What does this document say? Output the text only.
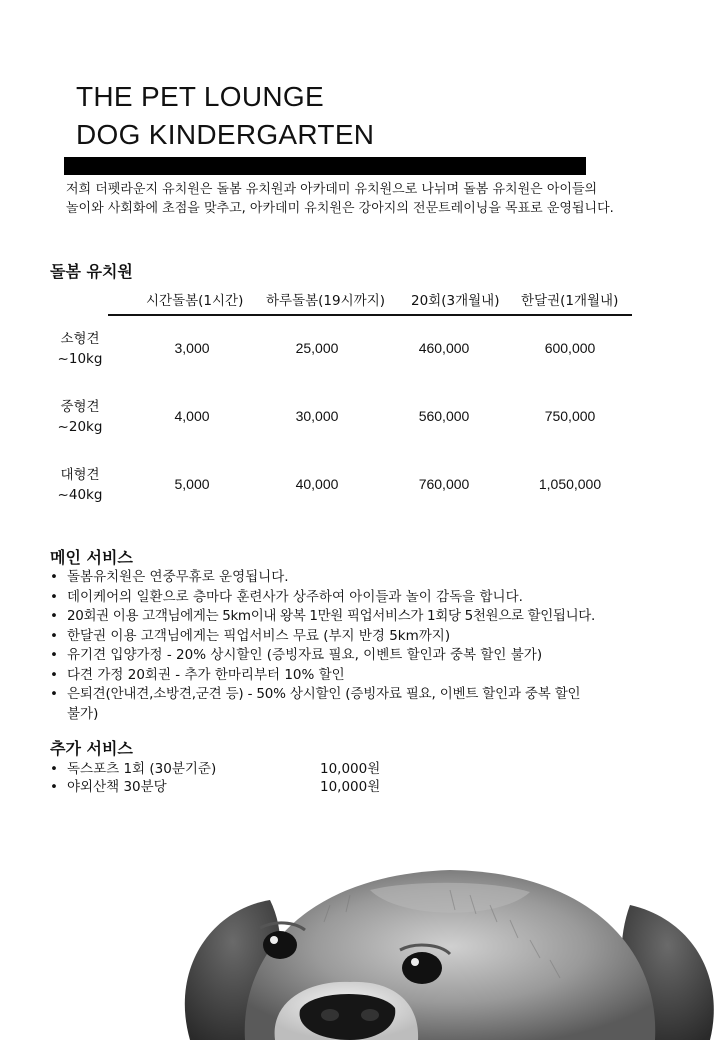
THE PET LOUNGE
DOG KINDERGARTEN
저희 더펫라운지 유치원은 돌봄 유치원과 아카데미 유치원으로 나뉘며 돌봄 유치원은 아이들의
놀이와 사회화에 초점을 맞추고, 아카데미 유치원은 강아지의 전문트레이닝을 목표로 운영됩니다.
돌봄 유치원
시간돌봄(1시간) 하루돌봄(19시까지) 20회(3개월내) 한달권(1개월내)
소형견
~10kg
3,000	25,000	460,000	600,000
중형견
~20kg
4,000	30,000	560,000	750,000
대형견
~40kg
5,000	40,000	760,000	1,050,000
메인 서비스
• 돌봄유치원은 연중무휴로 운영됩니다.
• 데이케어의 일환으로 층마다 훈련사가 상주하여 아이들과 놀이 감독을 합니다.
• 20회권 이용 고객님에게는 5km이내 왕복 1만원 픽업서비스가 1회당 5천원으로 할인됩니다.
• 한달권 이용 고객님에게는 픽업서비스 무료 (부지 반경 5km까지)
• 유기견 입양가정 - 20% 상시할인 (증빙자료 필요, 이벤트 할인과 중복 할인 불가)
• 다견 가정 20회권 - 추가 한마리부터 10% 할인
• 은퇴견(안내견,소방견,군견 등) - 50% 상시할인 (증빙자료 필요, 이벤트 할인과 중복 할인
불가)
추가 서비스
• 독스포츠 1회 (30분기준)	10,000원
• 야외산책 30분당	10,000원
